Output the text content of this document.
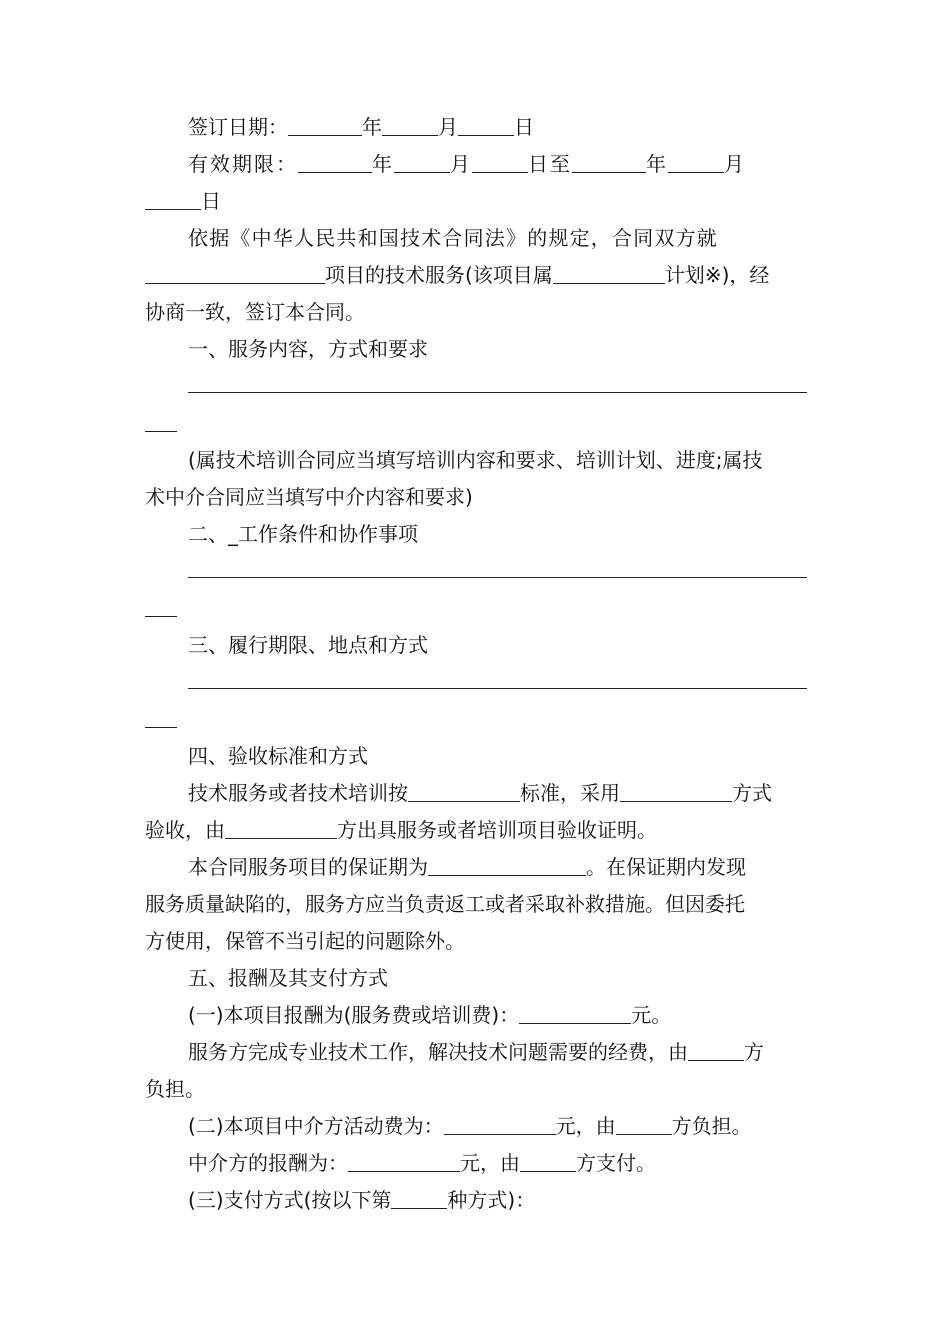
签订日期：	年	月	日
有效期限：	年	月	日至	年	月
日
依据《中华人民共和国技术合同法》的规定，合同双方就
项目的技术服务(该项目属	计划※)，经
协商一致，签订本合同。
一、服务内容，方式和要求
(属技术培训合同应当填写培训内容和要求、培训计划、进度;属技
术中介合同应当填写中介内容和要求)
二、_工作条件和协作事项
三、履行期限、地点和方式
四、验收标准和方式
技术服务或者技术培训按	标准，采用	方式
验收，由	方出具服务或者培训项目验收证明。
本合同服务项目的保证期为	。在保证期内发现
服务质量缺陷的，服务方应当负责返工或者采取补救措施。但因委托
方使用，保管不当引起的问题除外。
五、报酬及其支付方式
(一)本项目报酬为(服务费或培训费)：	元。
服务方完成专业技术工作，解决技术问题需要的经费，由	方
负担。
(二)本项目中介方活动费为：	元，由	方负担。
中介方的报酬为：	元，由	方支付。
(三)支付方式(按以下第	种方式)：
